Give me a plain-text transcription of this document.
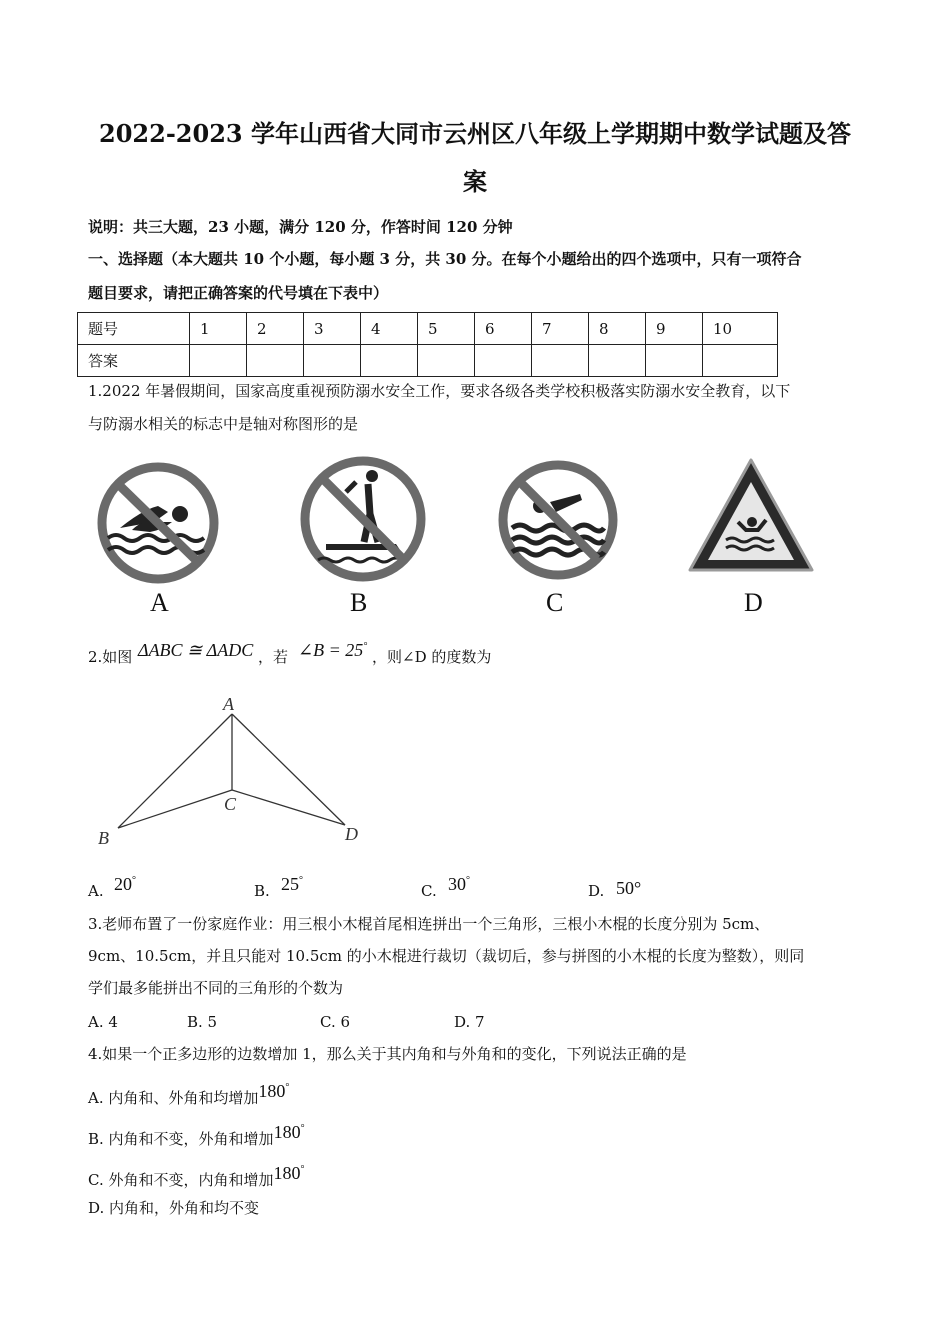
2022-2023 学年山西省大同市云州区八年级上学期期中数学试题及答
案
说明：共三大题，23 小题，满分 120 分，作答时间 120 分钟
一、选择题（本大题共 10 个小题，每小题 3 分，共 30 分。在每个小题给出的四个选项中，只有一项符合
题目要求，请把正确答案的代号填在下表中）
题号	1	2	3	4	5	6	7	8	9	10
答案										
1.2022 年暑假期间，国家高度重视预防溺水安全工作，要求各级各类学校积极落实防溺水安全教育，以下
与防溺水相关的标志中是轴对称图形的是
A	B	C	D
2.如图 ΔABC ≅ ΔADC ，若 ∠B = 25°
，则∠D 的度数为
A
B
C
D
A. 20°
B. 25°
C. 30°
D. 50°
3.老师布置了一份家庭作业：用三根小木棍首尾相连拼出一个三角形，三根小木棍的长度分别为 5cm、
9cm、10.5cm，并且只能对 10.5cm 的小木棍进行裁切（裁切后，参与拼图的小木棍的长度为整数），则同
学们最多能拼出不同的三角形的个数为
A. 4	B. 5	C. 6	D. 7
4.如果一个正多边形的边数增加 1，那么关于其内角和与外角和的变化，下列说法正确的是
A. 内角和、外角和均增加180°
B. 内角和不变，外角和增加180°
C. 外角和不变，内角和增加180°
D. 内角和，外角和均不变
